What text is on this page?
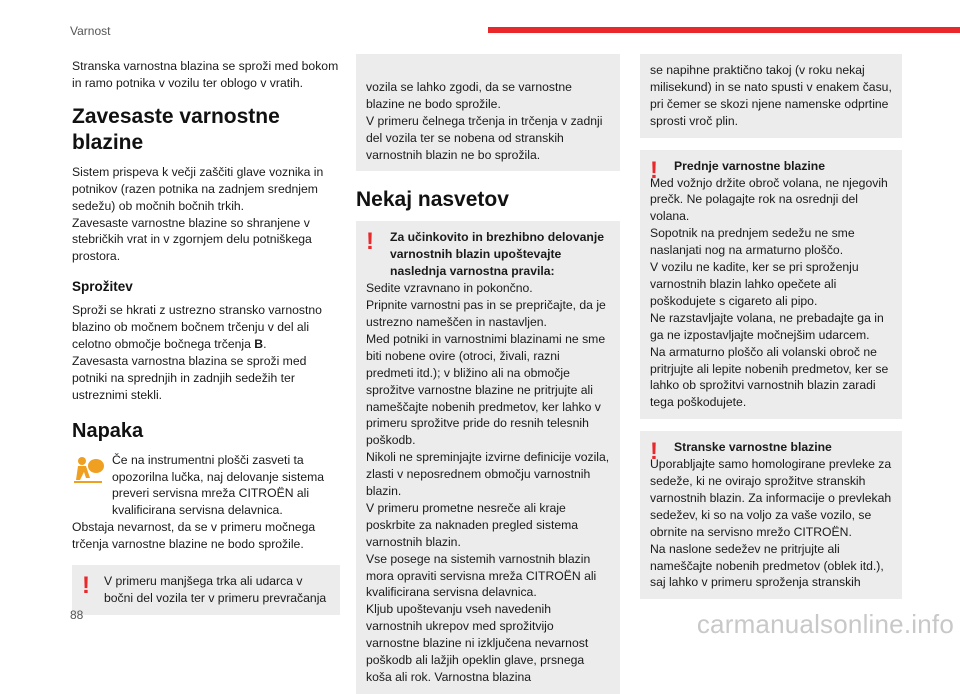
Varnost

Stranska varnostna blazina se sproži med bokom in ramo potnika v vozilu ter oblogo v vratih.

Zavesaste varnostne blazine

Sistem prispeva k večji zaščiti glave voznika in potnikov (razen potnika na zadnjem srednjem sedežu) ob močnih bočnih trkih.

Zavesaste varnostne blazine so shranjene v stebričkih vrat in v zgornjem delu potniškega prostora.

Sprožitev

Sproži se hkrati z ustrezno stransko varnostno blazino ob močnem bočnem trčenju v del ali celotno območje bočnega trčenja B.

Zavesasta varnostna blazina se sproži med potniki na sprednjih in zadnjih sedežih ter ustreznimi stekli.

Napaka
Če na instrumentni plošči zasveti ta opozorilna lučka, naj delovanje sistema preveri servisna mreža CITROËN ali kvalificirana servisna delavnica.

Obstaja nevarnost, da se v primeru močnega trčenja varnostne blazine ne bodo sprožile.

! V primeru manjšega trka ali udarca v bočni del vozila ter v primeru prevračanja

vozila se lahko zgodi, da se varnostne blazine ne bodo sprožile.
V primeru čelnega trčenja in trčenja v zadnji del vozila ter se nobena od stranskih varnostnih blazin ne bo sprožila.

Nekaj nasvetov
!	Za učinkovito in brezhibno delovanje varnostnih blazin upoštevajte naslednja varnostna pravila:
Sedite vzravnano in pokončno.
Pripnite varnostni pas in se prepričajte, da je ustrezno nameščen in nastavljen.
Med potniki in varnostnimi blazinami ne sme biti nobene ovire (otroci, živali, razni predmeti itd.); v bližino ali na območje sprožitve varnostne blazine ne pritrjujte ali nameščajte nobenih predmetov, ker lahko v primeru sprožitve pride do resnih telesnih poškodb.
Nikoli ne spreminjajte izvirne definicije vozila, zlasti v neposrednem območju varnostnih blazin.
V primeru prometne nesreče ali kraje poskrbite za naknaden pregled sistema varnostnih blazin.
Vse posege na sistemih varnostnih blazin mora opraviti servisna mreža CITROËN ali kvalificirana servisna delavnica.
Kljub upoštevanju vseh navedenih varnostnih ukrepov med sprožitvijo varnostne blazine ni izključena nevarnost poškodb ali lažjih opeklin glave, prsnega koša ali rok. Varnostna blazina
se napihne praktično takoj (v roku nekaj milisekund) in se nato spusti v enakem času, pri čemer se skozi njene namenske odprtine sprosti vroč plin.
!	Prednje varnostne blazine
Med vožnjo držite obroč volana, ne njegovih prečk. Ne polagajte rok na osrednji del volana.
Sopotnik na prednjem sedežu ne sme naslanjati nog na armaturno ploščo.
V vozilu ne kadite, ker se pri sproženju varnostnih blazin lahko opečete ali poškodujete s cigareto ali pipo.
Ne razstavljajte volana, ne prebadajte ga in ga ne izpostavljajte močnejšim udarcem.
Na armaturno ploščo ali volanski obroč ne pritrjujte ali lepite nobenih predmetov, ker se lahko ob sprožitvi varnostnih blazin zaradi tega poškodujete.
!	Stranske varnostne blazine
Uporabljajte samo homologirane prevleke za sedeže, ki ne ovirajo sprožitve stranskih varnostnih blazin. Za informacije o prevlekah sedežev, ki so na voljo za vaše vozilo, se obrnite na servisno mrežo CITROËN.
Na naslone sedežev ne pritrjujte ali nameščajte nobenih predmetov (oblek itd.), saj lahko v primeru sproženja stranskih
88	carmanualsonline.info
